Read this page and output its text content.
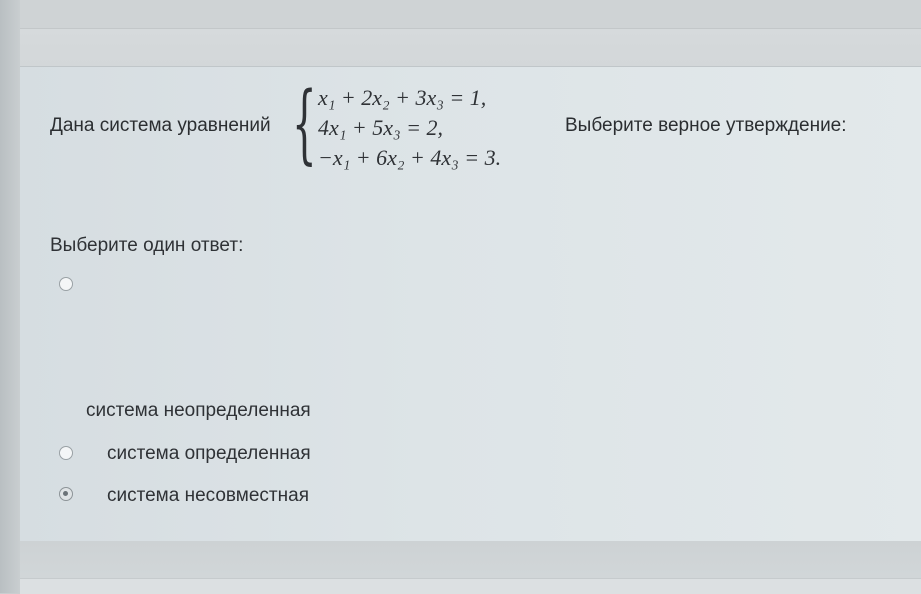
Дана система уравнений { x₁ + 2x₂ + 3x₃ = 1,
4x₁ + 5x₃ = 2,
−x₁ + 6x₂ + 4x₃ = 3.
Выберите верное утверждение:
Выберите один ответ:
система неопределенная
система определенная
система несовместная
